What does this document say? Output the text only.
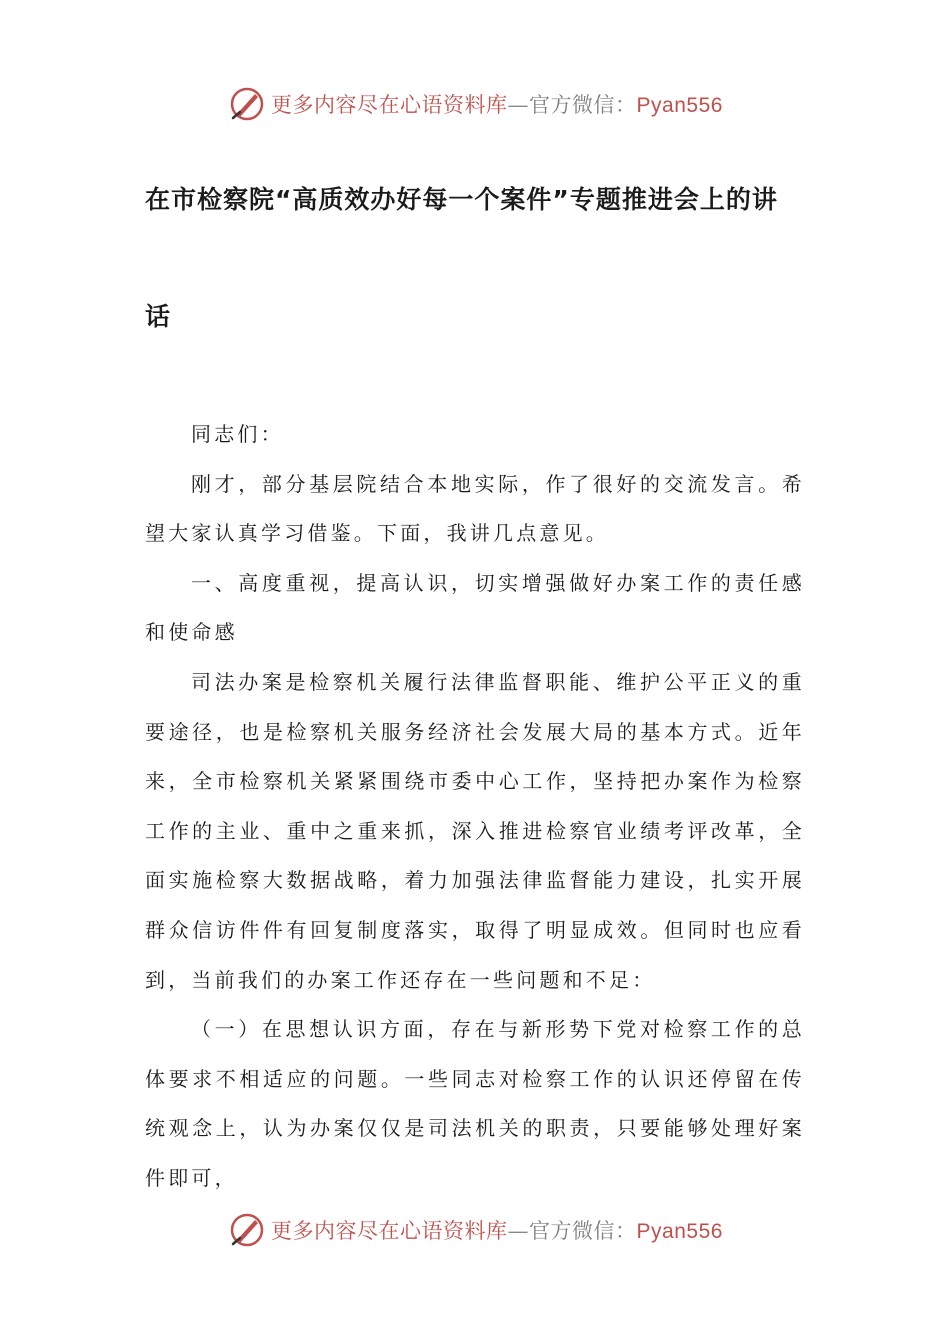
更多内容尽在心语资料库—官方微信：Pyan556
在市检察院“高质效办好每一个案件”专题推进会上的讲
话

同志们：

刚才，部分基层院结合本地实际，作了很好的交流发言。希望大家认真学习借鉴。下面，我讲几点意见。

一、高度重视，提高认识，切实增强做好办案工作的责任感和使命感

司法办案是检察机关履行法律监督职能、维护公平正义的重要途径，也是检察机关服务经济社会发展大局的基本方式。近年来，全市检察机关紧紧围绕市委中心工作，坚持把办案作为检察工作的主业、重中之重来抓，深入推进检察官业绩考评改革，全面实施检察大数据战略，着力加强法律监督能力建设，扎实开展群众信访件件有回复制度落实，取得了明显成效。但同时也应看到，当前我们的办案工作还存在一些问题和不足：

（一）在思想认识方面，存在与新形势下党对检察工作的总体要求不相适应的问题。一些同志对检察工作的认识还停留在传统观念上，认为办案仅仅是司法机关的职责，只要能够处理好案件即可，

更多内容尽在心语资料库—官方微信：Pyan556
